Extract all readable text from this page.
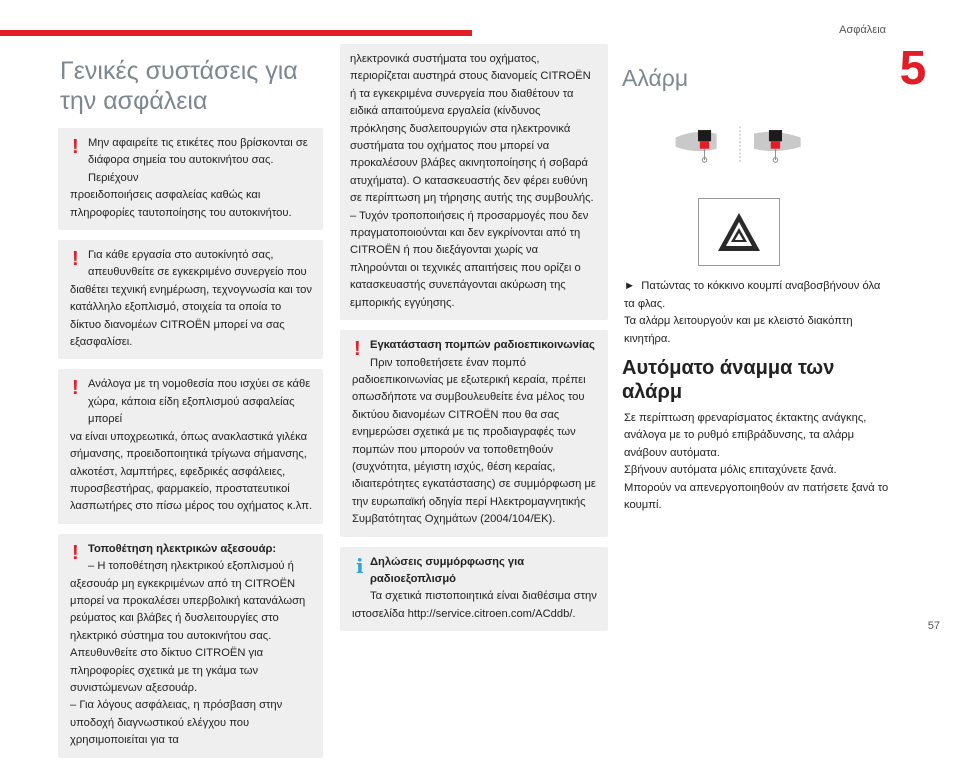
Ασφάλεια
5
57
Γενικές συστάσεις για την ασφάλεια

! Μην αφαιρείτε τις ετικέτες που βρίσκονται σε διάφορα σημεία του αυτοκινήτου σας. Περιέχουν

προειδοποιήσεις ασφαλείας καθώς και πληροφορίες ταυτοποίησης του αυτοκινήτου.

! Για κάθε εργασία στο αυτοκίνητό σας, απευθυνθείτε σε εγκεκριμένο συνεργείο που

διαθέτει τεχνική ενημέρωση, τεχνογνωσία και τον κατάλληλο εξοπλισμό, στοιχεία τα οποία το δίκτυο διανομέων CITROËN μπορεί να σας εξασφαλίσει.

! Ανάλογα με τη νομοθεσία που ισχύει σε κάθε χώρα, κάποια είδη εξοπλισμού ασφαλείας μπορεί

να είναι υποχρεωτικά, όπως ανακλαστικά γιλέκα σήμανσης, προειδοποιητικά τρίγωνα σήμανσης, αλκοτέστ, λαμπτήρες, εφεδρικές ασφάλειες, πυροσβεστήρας, φαρμακείο, προστατευτικοί λασπωτήρες στο πίσω μέρος του οχήματος κ.λπ.

! Τοποθέτηση ηλεκτρικών αξεσουάρ:

– Η τοποθέτηση ηλεκτρικού εξοπλισμού ή

αξεσουάρ μη εγκεκριμένων από τη CITROËN μπορεί να προκαλέσει υπερβολική κατανάλωση ρεύματος και βλάβες ή δυσλειτουργίες στο ηλεκτρικό σύστημα του αυτοκινήτου σας. Απευθυνθείτε στο δίκτυο CITROËN για πληροφορίες σχετικά με τη γκάμα των συνιστώμενων αξεσουάρ.

– Για λόγους ασφάλειας, η πρόσβαση στην υποδοχή διαγνωστικού ελέγχου που χρησιμοποιείται για τα

ηλεκτρονικά συστήματα του οχήματος, περιορίζεται αυστηρά στους διανομείς CITROËN ή τα εγκεκριμένα συνεργεία που διαθέτουν τα ειδικά απαιτούμενα εργαλεία (κίνδυνος πρόκλησης δυσλειτουργιών στα ηλεκτρονικά συστήματα του οχήματος που μπορεί να προκαλέσουν βλάβες ακινητοποίησης ή σοβαρά ατυχήματα). Ο κατασκευαστής δεν φέρει ευθύνη σε περίπτωση μη τήρησης αυτής της συμβουλής.

– Τυχόν τροποποιήσεις ή προσαρμογές που δεν πραγματοποιούνται και δεν εγκρίνονται από τη CITROËN ή που διεξάγονται χωρίς να πληρούνται οι τεχνικές απαιτήσεις που ορίζει ο κατασκευαστής συνεπάγονται ακύρωση της εμπορικής εγγύησης.

! Εγκατάσταση πομπών ραδιοεπικοινωνίας

Πριν τοποθετήσετε έναν πομπό

ραδιοεπικοινωνίας με εξωτερική κεραία, πρέπει οπωσδήποτε να συμβουλευθείτε ένα μέλος του δικτύου διανομέων CITROËN που θα σας ενημερώσει σχετικά με τις προδιαγραφές των πομπών που μπορούν να τοποθετηθούν (συχνότητα, μέγιστη ισχύς, θέση κεραίας, ιδιαιτερότητες εγκατάστασης) σε συμμόρφωση με την ευρωπαϊκή οδηγία περί Ηλεκτρομαγνητικής Συμβατότητας Οχημάτων (2004/104/ΕΚ).

i Δηλώσεις συμμόρφωσης για ραδιοεξοπλισμό

Τα σχετικά πιστοποιητικά είναι διαθέσιμα στην

ιστοσελίδα http://service.citroen.com/ACddb/.

Αλάρμ

►  Πατώντας το κόκκινο κουμπί αναβοσβήνουν όλα τα φλας.

Τα αλάρμ λειτουργούν και με κλειστό διακόπτη κινητήρα.

Αυτόματο άναμμα των αλάρμ

Σε περίπτωση φρεναρίσματος έκτακτης ανάγκης, ανάλογα με το ρυθμό επιβράδυνσης, τα αλάρμ ανάβουν αυτόματα.

Σβήνουν αυτόματα μόλις επιταχύνετε ξανά.

Μπορούν να απενεργοποιηθούν αν πατήσετε ξανά το κουμπί.
